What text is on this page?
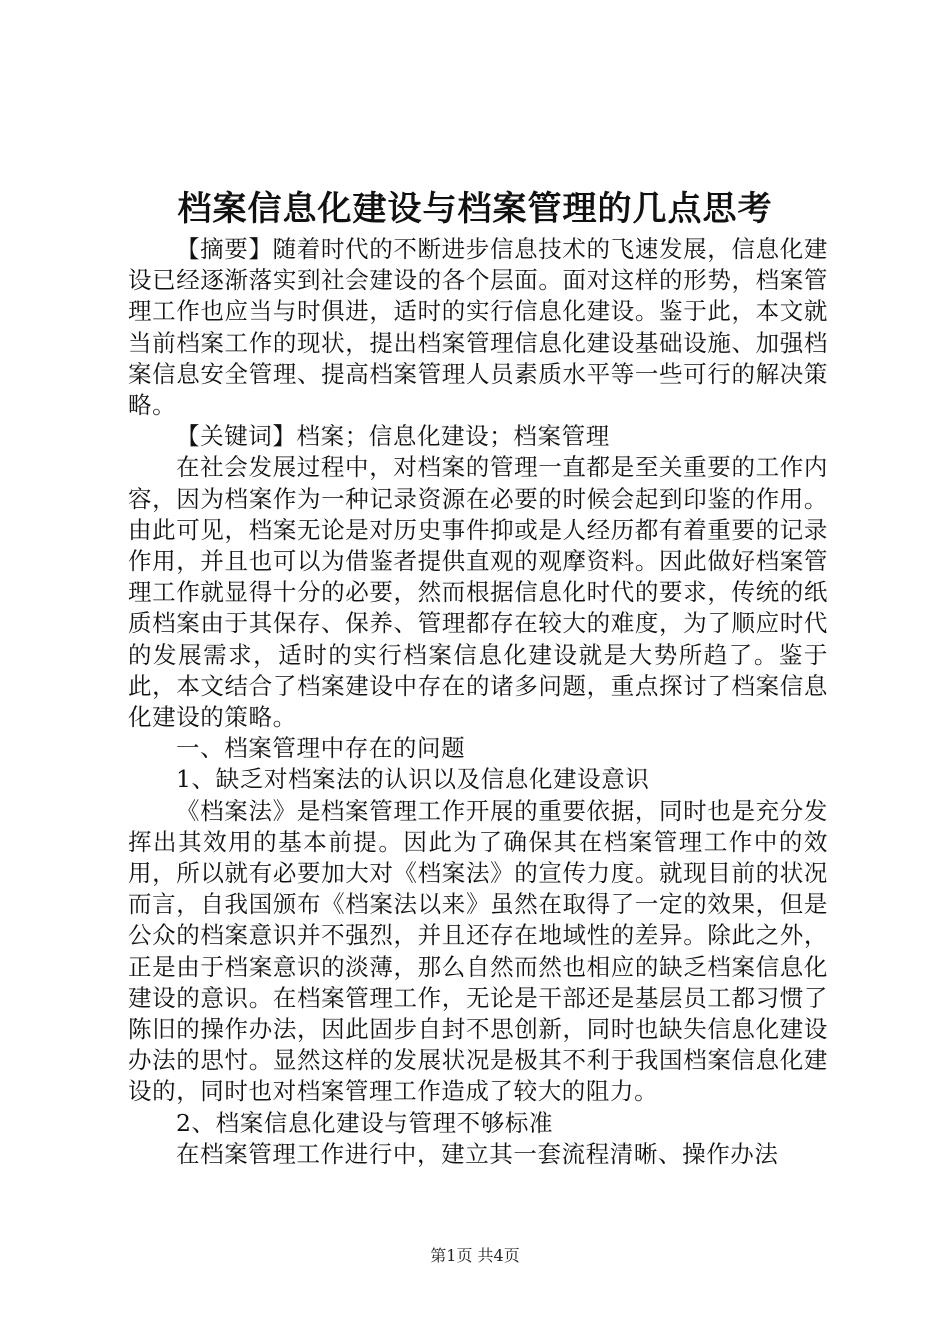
档案信息化建设与档案管理的几点思考

【摘要】随着时代的不断进步信息技术的飞速发展，信息化建设已经逐渐落实到社会建设的各个层面。面对这样的形势，档案管理工作也应当与时俱进，适时的实行信息化建设。鉴于此，本文就当前档案工作的现状，提出档案管理信息化建设基础设施、加强档案信息安全管理、提高档案管理人员素质水平等一些可行的解决策略。

【关键词】档案；信息化建设；档案管理

在社会发展过程中，对档案的管理一直都是至关重要的工作内容，因为档案作为一种记录资源在必要的时候会起到印鉴的作用。由此可见，档案无论是对历史事件抑或是人经历都有着重要的记录作用，并且也可以为借鉴者提供直观的观摩资料。因此做好档案管理工作就显得十分的必要，然而根据信息化时代的要求，传统的纸质档案由于其保存、保养、管理都存在较大的难度，为了顺应时代的发展需求，适时的实行档案信息化建设就是大势所趋了。鉴于此，本文结合了档案建设中存在的诸多问题，重点探讨了档案信息化建设的策略。

一、档案管理中存在的问题

1、缺乏对档案法的认识以及信息化建设意识

《档案法》是档案管理工作开展的重要依据，同时也是充分发挥出其效用的基本前提。因此为了确保其在档案管理工作中的效用，所以就有必要加大对《档案法》的宣传力度。就现目前的状况而言，自我国颁布《档案法以来》虽然在取得了一定的效果，但是公众的档案意识并不强烈，并且还存在地域性的差异。除此之外，正是由于档案意识的淡薄，那么自然而然也相应的缺乏档案信息化建设的意识。在档案管理工作，无论是干部还是基层员工都习惯了陈旧的操作办法，因此固步自封不思创新，同时也缺失信息化建设办法的思忖。显然这样的发展状况是极其不利于我国档案信息化建设的，同时也对档案管理工作造成了较大的阻力。

2、档案信息化建设与管理不够标准

在档案管理工作进行中，建立其一套流程清晰、操作办法

第1页 共4页
